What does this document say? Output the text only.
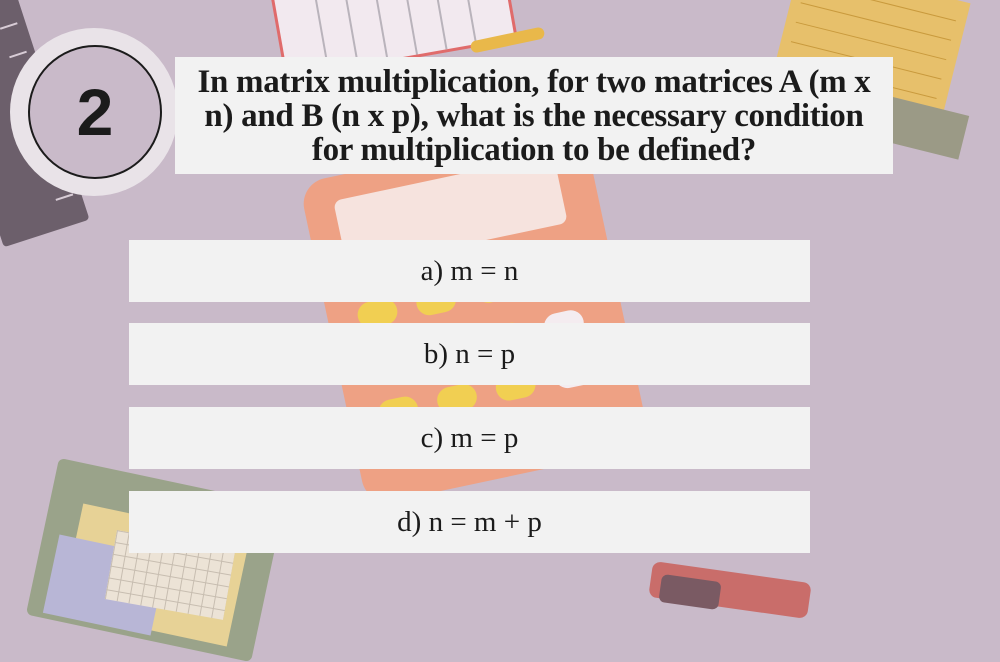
2	In matrix multiplication, for two matrices A (m x n) and B (n x p), what is the necessary condition for multiplication to be defined?
a) m = n
b) n = p
c) m = p
d) n = m + p
